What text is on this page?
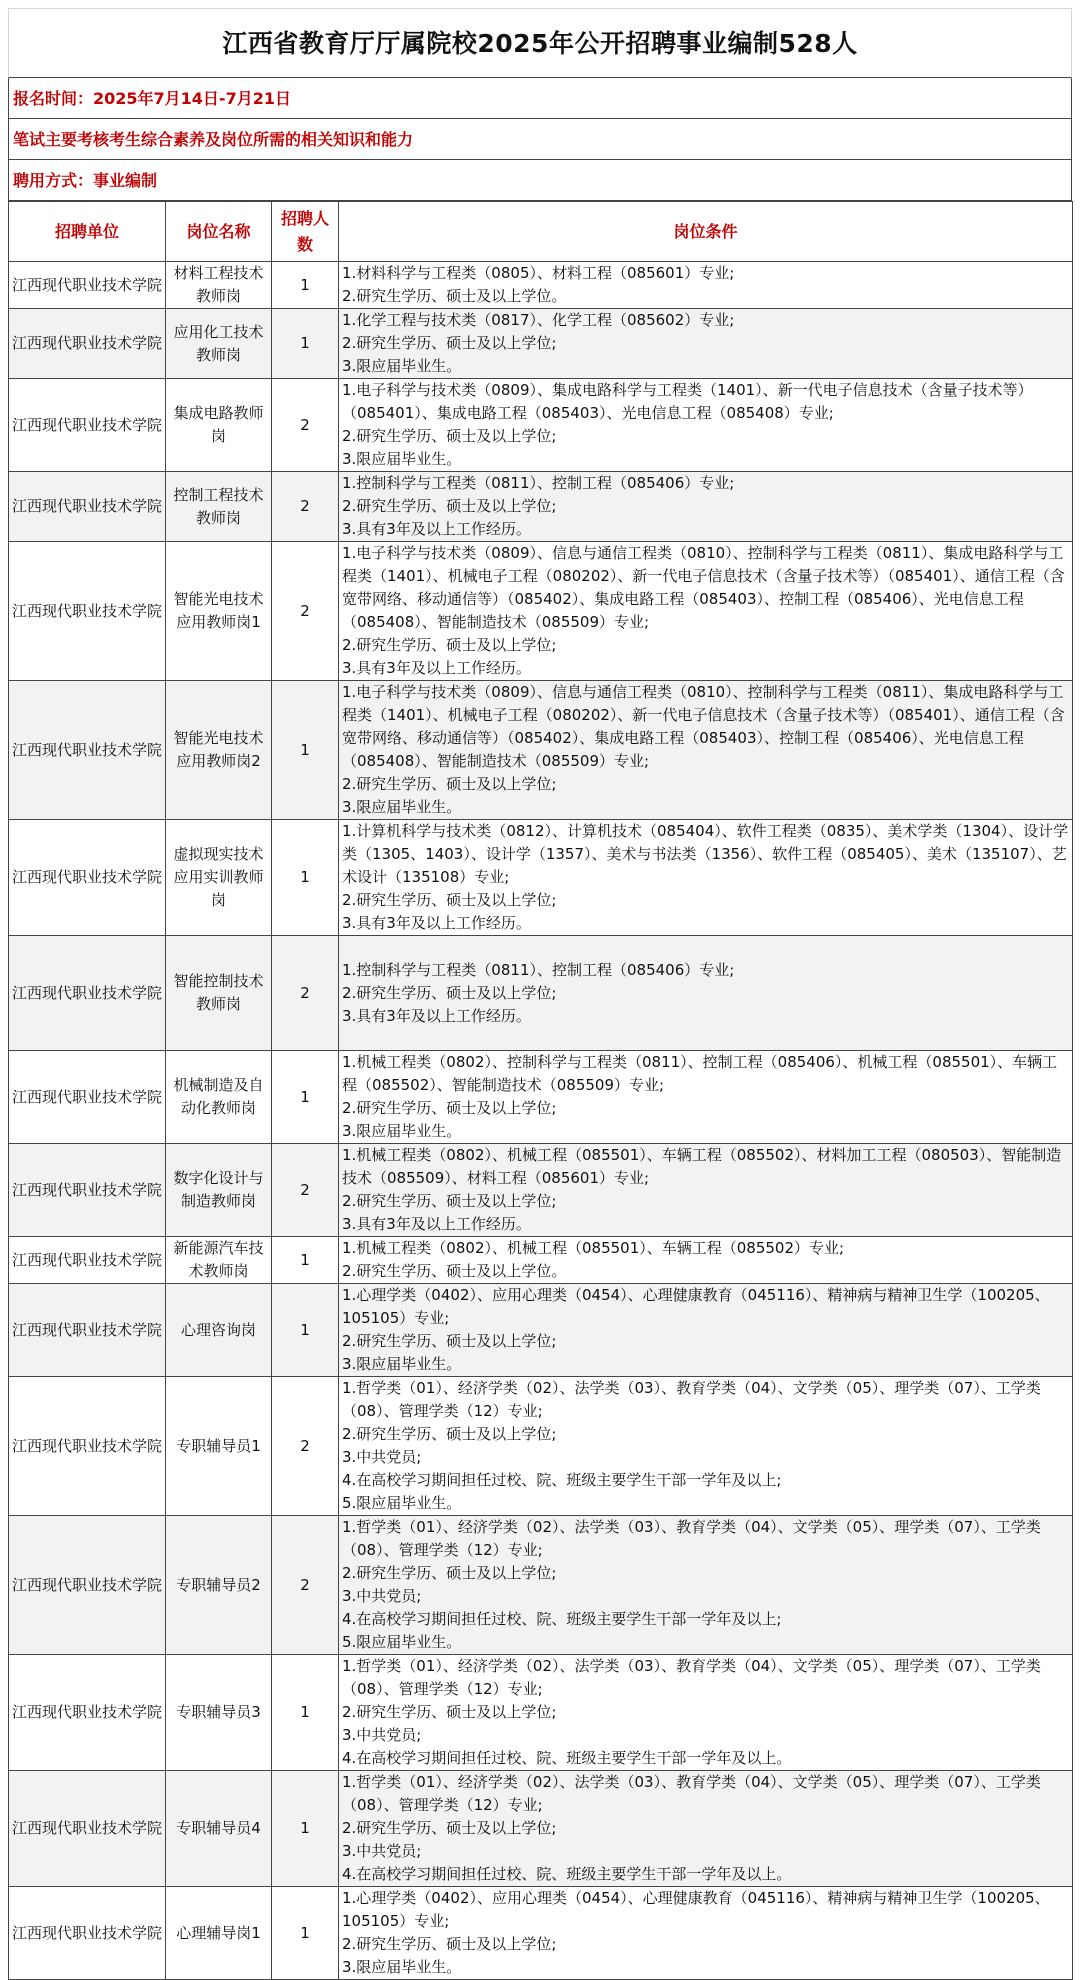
江西省教育厅厅属院校2025年公开招聘事业编制528人
报名时间：2025年7月14日-7月21日
笔试主要考核考生综合素养及岗位所需的相关知识和能力
聘用方式：事业编制
招聘单位	岗位名称	招聘人数	岗位条件
江西现代职业技术学院	材料工程技术教师岗	1	1.材料科学与工程类（0805）、材料工程（085601）专业;
2.研究生学历、硕士及以上学位。

江西现代职业技术学院	应用化工技术教师岗	1	1.化学工程与技术类（0817）、化学工程（085602）专业;
2.研究生学历、硕士及以上学位;
3.限应届毕业生。

江西现代职业技术学院	集成电路教师岗	2	1.电子科学与技术类（0809）、集成电路科学与工程类（1401）、新一代电子信息技术（含量子技术等）（085401）、集成电路工程（085403）、光电信息工程（085408）专业;
2.研究生学历、硕士及以上学位;
3.限应届毕业生。

江西现代职业技术学院	控制工程技术教师岗	2	1.控制科学与工程类（0811）、控制工程（085406）专业;
2.研究生学历、硕士及以上学位;
3.具有3年及以上工作经历。

江西现代职业技术学院	智能光电技术应用教师岗1	2	1.电子科学与技术类（0809）、信息与通信工程类（0810）、控制科学与工程类（0811）、集成电路科学与工程类（1401）、机械电子工程（080202）、新一代电子信息技术（含量子技术等）（085401）、通信工程（含宽带网络、移动通信等）（085402）、集成电路工程（085403）、控制工程（085406）、光电信息工程（085408）、智能制造技术（085509）专业;
2.研究生学历、硕士及以上学位;
3.具有3年及以上工作经历。

江西现代职业技术学院	智能光电技术应用教师岗2	1	1.电子科学与技术类（0809）、信息与通信工程类（0810）、控制科学与工程类（0811）、集成电路科学与工程类（1401）、机械电子工程（080202）、新一代电子信息技术（含量子技术等）（085401）、通信工程（含宽带网络、移动通信等）（085402）、集成电路工程（085403）、控制工程（085406）、光电信息工程（085408）、智能制造技术（085509）专业;
2.研究生学历、硕士及以上学位;
3.限应届毕业生。

江西现代职业技术学院	虚拟现实技术应用实训教师岗	1	1.计算机科学与技术类（0812）、计算机技术（085404）、软件工程类（0835）、美术学类（1304）、设计学类（1305、1403）、设计学（1357）、美术与书法类（1356）、软件工程（085405）、美术（135107）、艺术设计（135108）专业;
2.研究生学历、硕士及以上学位;
3.具有3年及以上工作经历。

江西现代职业技术学院	智能控制技术教师岗	2	1.控制科学与工程类（0811）、控制工程（085406）专业;
2.研究生学历、硕士及以上学位;
3.具有3年及以上工作经历。

江西现代职业技术学院	机械制造及自动化教师岗	1	1.机械工程类（0802）、控制科学与工程类（0811）、控制工程（085406）、机械工程（085501）、车辆工程（085502）、智能制造技术（085509）专业;
2.研究生学历、硕士及以上学位;
3.限应届毕业生。

江西现代职业技术学院	数字化设计与制造教师岗	2	1.机械工程类（0802）、机械工程（085501）、车辆工程（085502）、材料加工工程（080503）、智能制造技术（085509）、材料工程（085601）专业;
2.研究生学历、硕士及以上学位;
3.具有3年及以上工作经历。

江西现代职业技术学院	新能源汽车技术教师岗	1	1.机械工程类（0802）、机械工程（085501）、车辆工程（085502）专业;
2.研究生学历、硕士及以上学位。

江西现代职业技术学院	心理咨询岗	1	1.心理学类（0402）、应用心理类（0454）、心理健康教育（045116）、精神病与精神卫生学（100205、105105）专业;
2.研究生学历、硕士及以上学位;
3.限应届毕业生。

江西现代职业技术学院	专职辅导员1	2	1.哲学类（01）、经济学类（02）、法学类（03）、教育学类（04）、文学类（05）、理学类（07）、工学类（08）、管理学类（12）专业;
2.研究生学历、硕士及以上学位;
3.中共党员;
4.在高校学习期间担任过校、院、班级主要学生干部一学年及以上;
5.限应届毕业生。

江西现代职业技术学院	专职辅导员2	2	1.哲学类（01）、经济学类（02）、法学类（03）、教育学类（04）、文学类（05）、理学类（07）、工学类（08）、管理学类（12）专业;
2.研究生学历、硕士及以上学位;
3.中共党员;
4.在高校学习期间担任过校、院、班级主要学生干部一学年及以上;
5.限应届毕业生。

江西现代职业技术学院	专职辅导员3	1	1.哲学类（01）、经济学类（02）、法学类（03）、教育学类（04）、文学类（05）、理学类（07）、工学类（08）、管理学类（12）专业;
2.研究生学历、硕士及以上学位;
3.中共党员;
4.在高校学习期间担任过校、院、班级主要学生干部一学年及以上。

江西现代职业技术学院	专职辅导员4	1	1.哲学类（01）、经济学类（02）、法学类（03）、教育学类（04）、文学类（05）、理学类（07）、工学类（08）、管理学类（12）专业;
2.研究生学历、硕士及以上学位;
3.中共党员;
4.在高校学习期间担任过校、院、班级主要学生干部一学年及以上。

江西现代职业技术学院	心理辅导岗1	1	1.心理学类（0402）、应用心理类（0454）、心理健康教育（045116）、精神病与精神卫生学（100205、105105）专业;
2.研究生学历、硕士及以上学位;
3.限应届毕业生。
